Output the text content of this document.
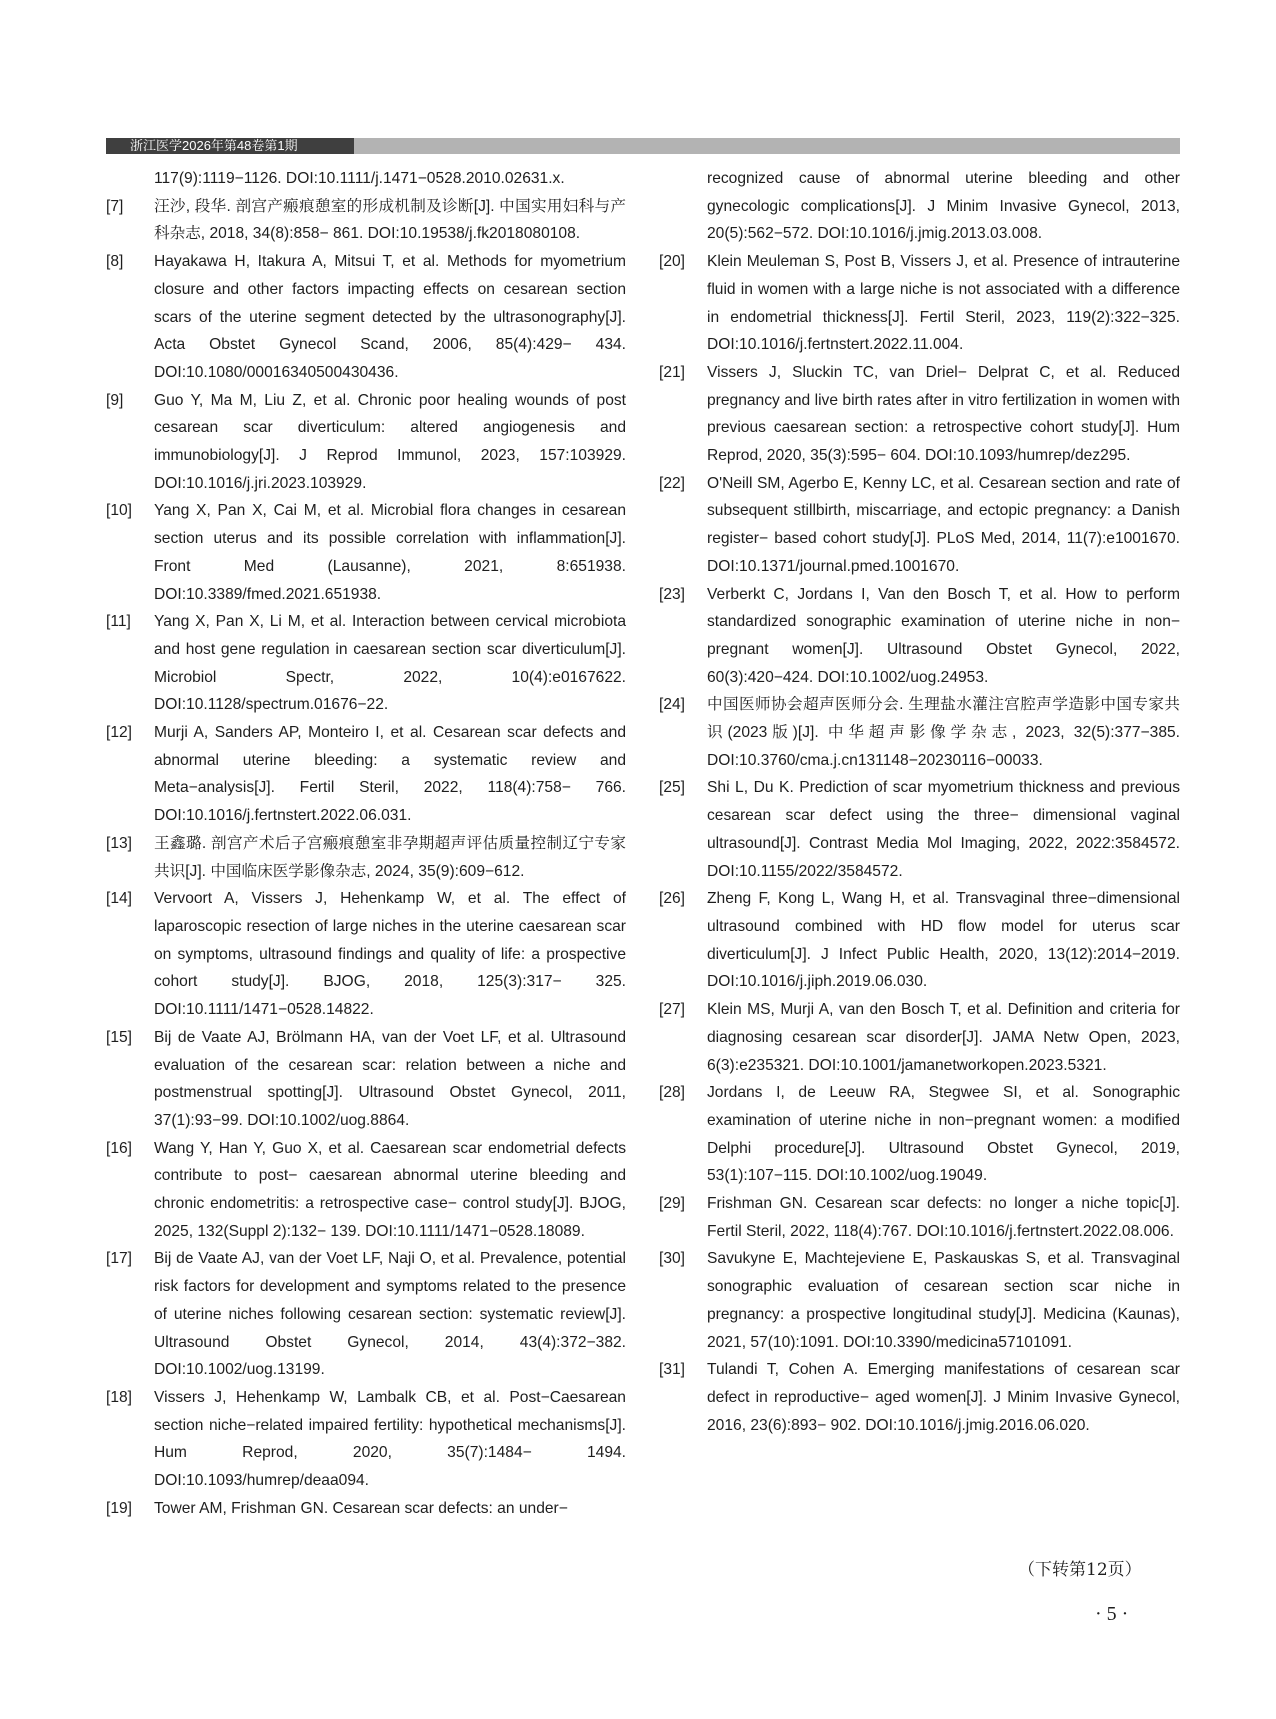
浙江医学2026年第48卷第1期
117(9):1119−1126. DOI:10.1111/j.1471−0528.2010.02631.x.
[7]	汪沙, 段华. 剖宫产瘢痕憩室的形成机制及诊断[J]. 中国实用妇科与产科杂志, 2018, 34(8):858− 861. DOI:10.19538/j.fk2018080108.
[8]	Hayakawa H, Itakura A, Mitsui T, et al. Methods for myometrium closure and other factors impacting effects on cesarean section scars of the uterine segment detected by the ultrasonography[J]. Acta Obstet Gynecol Scand, 2006, 85(4):429− 434. DOI:10.1080/00016340500430436.
[9]	Guo Y, Ma M, Liu Z, et al. Chronic poor healing wounds of post cesarean scar diverticulum: altered angiogenesis and immunobiology[J]. J Reprod Immunol, 2023, 157:103929. DOI:10.1016/j.jri.2023.103929.
[10]	Yang X, Pan X, Cai M, et al. Microbial flora changes in cesarean section uterus and its possible correlation with inflammation[J]. Front Med (Lausanne), 2021, 8:651938. DOI:10.3389/fmed.2021.651938.
[11]	Yang X, Pan X, Li M, et al. Interaction between cervical microbiota and host gene regulation in caesarean section scar diverticulum[J]. Microbiol Spectr, 2022, 10(4):e0167622. DOI:10.1128/spectrum.01676−22.
[12]	Murji A, Sanders AP, Monteiro I, et al. Cesarean scar defects and abnormal uterine bleeding: a systematic review and Meta−analysis[J]. Fertil Steril, 2022, 118(4):758− 766. DOI:10.1016/j.fertnstert.2022.06.031.
[13]	王鑫璐. 剖宫产术后子宫瘢痕憩室非孕期超声评估质量控制辽宁专家共识[J]. 中国临床医学影像杂志, 2024, 35(9):609−612.
[14]	Vervoort A, Vissers J, Hehenkamp W, et al. The effect of laparoscopic resection of large niches in the uterine caesarean scar on symptoms, ultrasound findings and quality of life: a prospective cohort study[J]. BJOG, 2018, 125(3):317− 325. DOI:10.1111/1471−0528.14822.
[15]	Bij de Vaate AJ, Brölmann HA, van der Voet LF, et al. Ultrasound evaluation of the cesarean scar: relation between a niche and postmenstrual spotting[J]. Ultrasound Obstet Gynecol, 2011, 37(1):93−99. DOI:10.1002/uog.8864.
[16]	Wang Y, Han Y, Guo X, et al. Caesarean scar endometrial defects contribute to post− caesarean abnormal uterine bleeding and chronic endometritis: a retrospective case− control study[J]. BJOG, 2025, 132(Suppl 2):132− 139. DOI:10.1111/1471−0528.18089.
[17]	Bij de Vaate AJ, van der Voet LF, Naji O, et al. Prevalence, potential risk factors for development and symptoms related to the presence of uterine niches following cesarean section: systematic review[J]. Ultrasound Obstet Gynecol, 2014, 43(4):372−382. DOI:10.1002/uog.13199.
[18]	Vissers J, Hehenkamp W, Lambalk CB, et al. Post−Caesarean section niche−related impaired fertility: hypothetical mechanisms[J]. Hum Reprod, 2020, 35(7):1484− 1494. DOI:10.1093/humrep/deaa094.
[19]	Tower AM, Frishman GN. Cesarean scar defects: an under−
recognized cause of abnormal uterine bleeding and other gynecologic complications[J]. J Minim Invasive Gynecol, 2013, 20(5):562−572. DOI:10.1016/j.jmig.2013.03.008.
[20]	Klein Meuleman S, Post B, Vissers J, et al. Presence of intrauterine fluid in women with a large niche is not associated with a difference in endometrial thickness[J]. Fertil Steril, 2023, 119(2):322−325. DOI:10.1016/j.fertnstert.2022.11.004.
[21]	Vissers J, Sluckin TC, van Driel− Delprat C, et al. Reduced pregnancy and live birth rates after in vitro fertilization in women with previous caesarean section: a retrospective cohort study[J]. Hum Reprod, 2020, 35(3):595− 604. DOI:10.1093/humrep/dez295.
[22]	O'Neill SM, Agerbo E, Kenny LC, et al. Cesarean section and rate of subsequent stillbirth, miscarriage, and ectopic pregnancy: a Danish register− based cohort study[J]. PLoS Med, 2014, 11(7):e1001670. DOI:10.1371/journal.pmed.1001670.
[23]	Verberkt C, Jordans I, Van den Bosch T, et al. How to perform standardized sonographic examination of uterine niche in non− pregnant women[J]. Ultrasound Obstet Gynecol, 2022, 60(3):420−424. DOI:10.1002/uog.24953.
[24]	中国医师协会超声医师分会. 生理盐水灌注宫腔声学造影中国专家共识(2023版)[J]. 中华超声影像学杂志, 2023, 32(5):377−385. DOI:10.3760/cma.j.cn131148−20230116−00033.
[25]	Shi L, Du K. Prediction of scar myometrium thickness and previous cesarean scar defect using the three− dimensional vaginal ultrasound[J]. Contrast Media Mol Imaging, 2022, 2022:3584572. DOI:10.1155/2022/3584572.
[26]	Zheng F, Kong L, Wang H, et al. Transvaginal three−dimensional ultrasound combined with HD flow model for uterus scar diverticulum[J]. J Infect Public Health, 2020, 13(12):2014−2019. DOI:10.1016/j.jiph.2019.06.030.
[27]	Klein MS, Murji A, van den Bosch T, et al. Definition and criteria for diagnosing cesarean scar disorder[J]. JAMA Netw Open, 2023, 6(3):e235321. DOI:10.1001/jamanetworkopen.2023.5321.
[28]	Jordans I, de Leeuw RA, Stegwee SI, et al. Sonographic examination of uterine niche in non−pregnant women: a modified Delphi procedure[J]. Ultrasound Obstet Gynecol, 2019, 53(1):107−115. DOI:10.1002/uog.19049.
[29]	Frishman GN. Cesarean scar defects: no longer a niche topic[J]. Fertil Steril, 2022, 118(4):767. DOI:10.1016/j.fertnstert.2022.08.006.
[30]	Savukyne E, Machtejeviene E, Paskauskas S, et al. Transvaginal sonographic evaluation of cesarean section scar niche in pregnancy: a prospective longitudinal study[J]. Medicina (Kaunas), 2021, 57(10):1091. DOI:10.3390/medicina57101091.
[31]	Tulandi T, Cohen A. Emerging manifestations of cesarean scar defect in reproductive− aged women[J]. J Minim Invasive Gynecol, 2016, 23(6):893− 902. DOI:10.1016/j.jmig.2016.06.020.
（下转第12页）
· 5 ·
